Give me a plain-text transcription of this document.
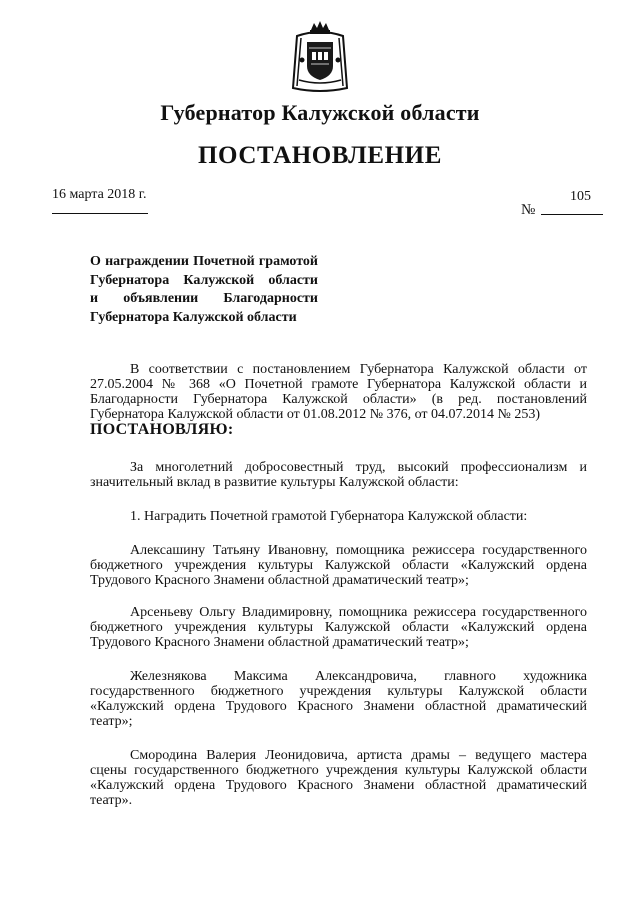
Губернатор Калужской области
ПОСТАНОВЛЕНИЕ
16 марта 2018 г.	105
№
О награждении Почетной грамотой
Губернатора Калужской области
и объявлении Благодарности
Губернатора Калужской области

В соответствии с постановлением Губернатора Калужской области от 27.05.2004 № 368 «О Почетной грамоте Губернатора Калужской области и Благодарности Губернатора Калужской области» (в ред. постановлений Губернатора Калужской области от 01.08.2012 № 376, от 04.07.2014 № 253)
ПОСТАНОВЛЯЮ:

За многолетний добросовестный труд, высокий профессионализм и значительный вклад в развитие культуры Калужской области:

1. Наградить Почетной грамотой Губернатора Калужской области:

Алексашину Татьяну Ивановну, помощника режиссера государственного бюджетного учреждения культуры Калужской области «Калужский ордена Трудового Красного Знамени областной драматический театр»;

Арсеньеву Ольгу Владимировну, помощника режиссера государственного бюджетного учреждения культуры Калужской области «Калужский ордена Трудового Красного Знамени областной драматический театр»;

Железнякова Максима Александровича, главного художника государственного бюджетного учреждения культуры Калужской области «Калужский ордена Трудового Красного Знамени областной драматический театр»;

Смородина Валерия Леонидовича, артиста драмы – ведущего мастера сцены государственного бюджетного учреждения культуры Калужской области «Калужский ордена Трудового Красного Знамени областной драматический театр».
